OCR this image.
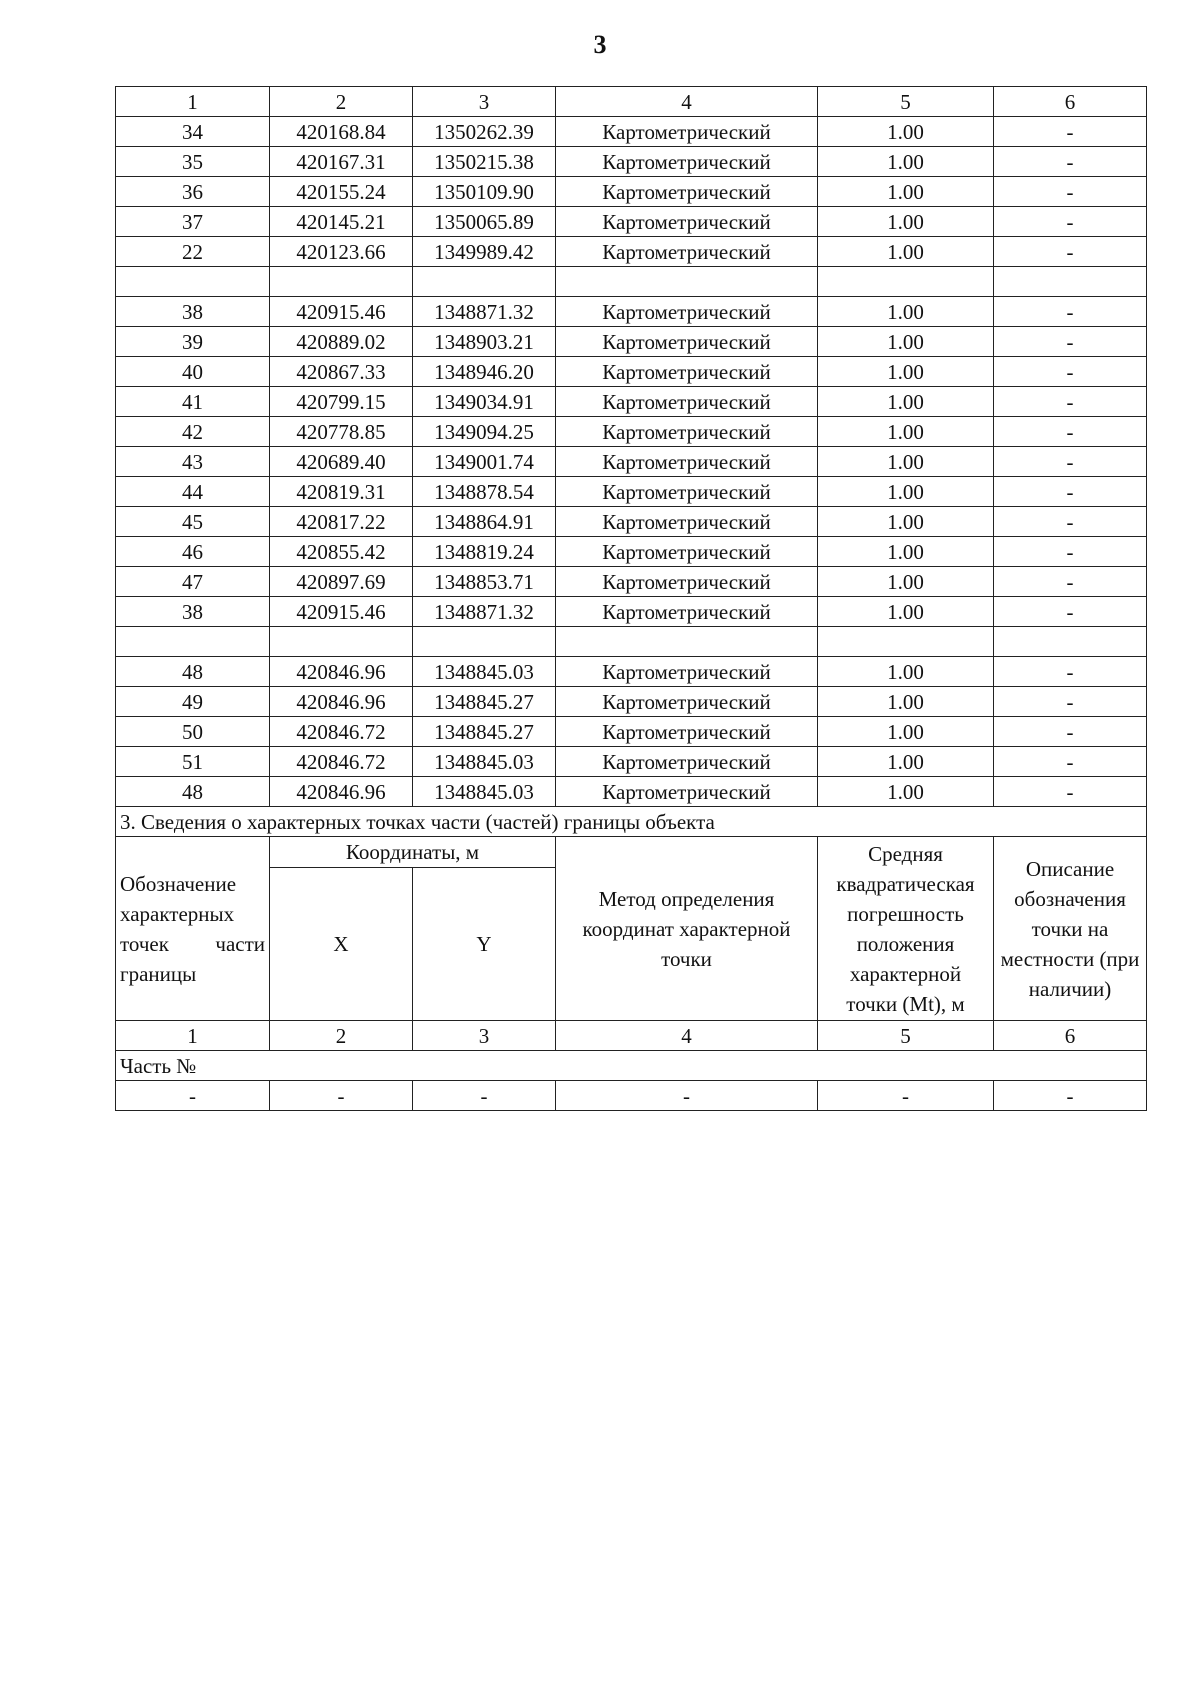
3
1	2	3	4	5	6
34	420168.84	1350262.39	Картометрический	1.00	-
35	420167.31	1350215.38	Картометрический	1.00	-
36	420155.24	1350109.90	Картометрический	1.00	-
37	420145.21	1350065.89	Картометрический	1.00	-
22	420123.66	1349989.42	Картометрический	1.00	-

38	420915.46	1348871.32	Картометрический	1.00	-
39	420889.02	1348903.21	Картометрический	1.00	-
40	420867.33	1348946.20	Картометрический	1.00	-
41	420799.15	1349034.91	Картометрический	1.00	-
42	420778.85	1349094.25	Картометрический	1.00	-
43	420689.40	1349001.74	Картометрический	1.00	-
44	420819.31	1348878.54	Картометрический	1.00	-
45	420817.22	1348864.91	Картометрический	1.00	-
46	420855.42	1348819.24	Картометрический	1.00	-
47	420897.69	1348853.71	Картометрический	1.00	-
38	420915.46	1348871.32	Картометрический	1.00	-

48	420846.96	1348845.03	Картометрический	1.00	-
49	420846.96	1348845.27	Картометрический	1.00	-
50	420846.72	1348845.27	Картометрический	1.00	-
51	420846.72	1348845.03	Картометрический	1.00	-
48	420846.96	1348845.03	Картометрический	1.00	-
3. Сведения о характерных точках части (частей) границы объекта					
Обозначение характерных точек части границы	Координаты, м		Метод определения координат характерной точки	Средняя квадратическая погрешность положения характерной точки (Mt), м	Описание обозначения точки на местности (при наличии)
	X	Y			
1	2	3	4	5	6
Часть №					
-	-	-	-	-	-
